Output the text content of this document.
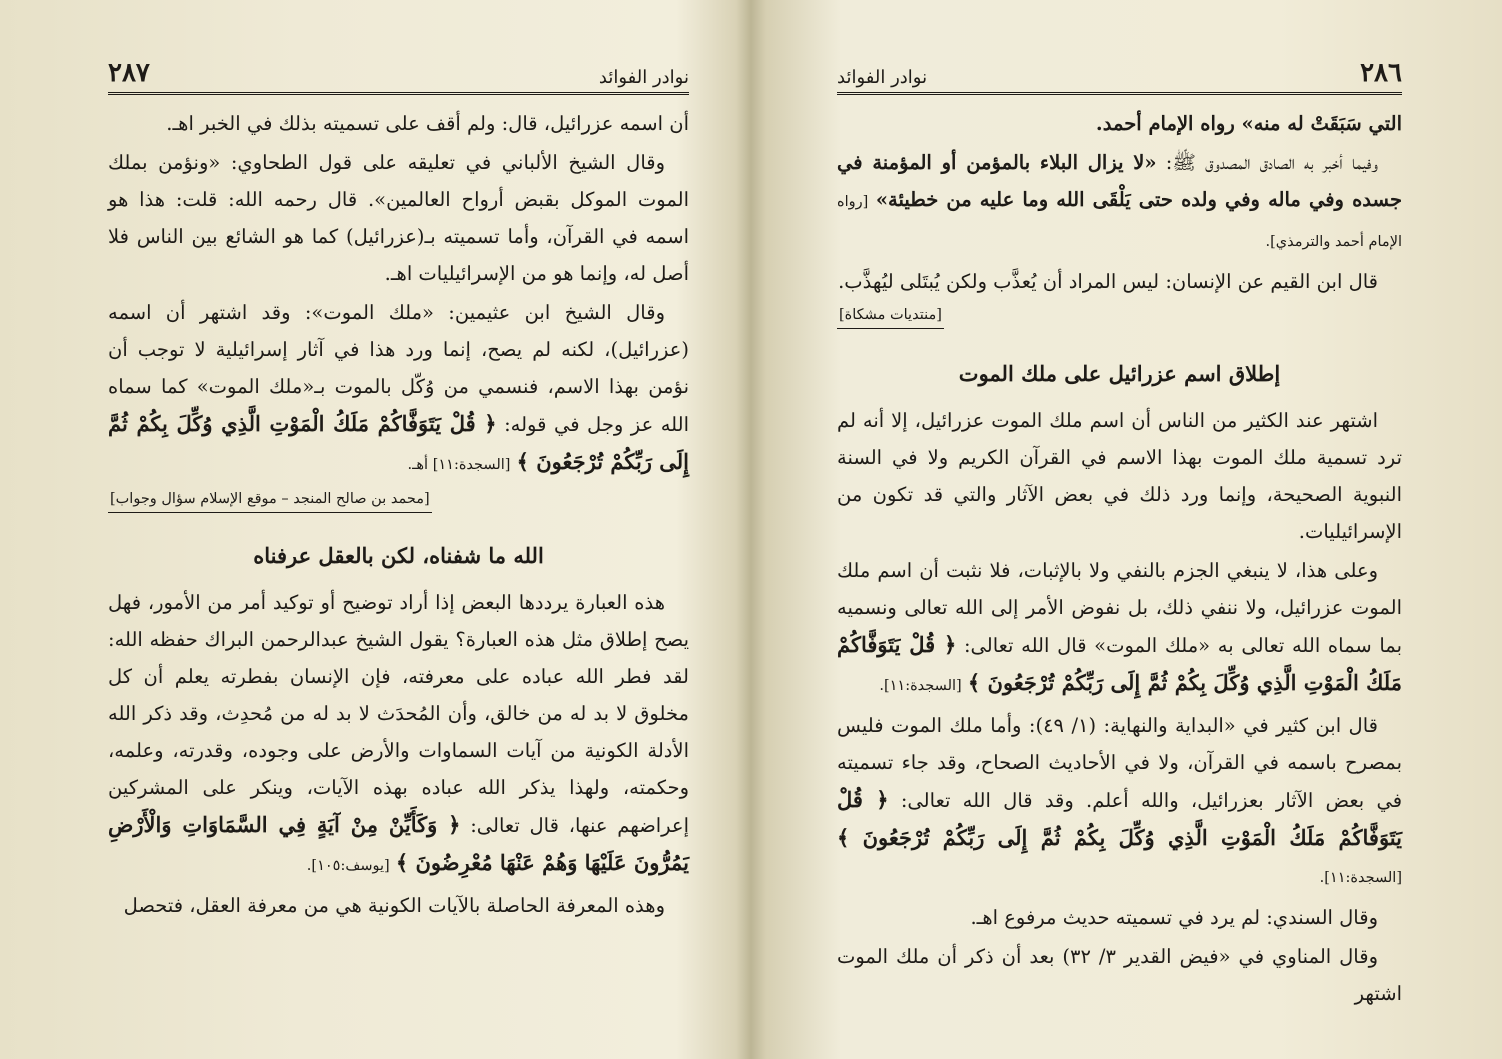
نوادر الفوائد
٢٨٧

أن اسمه عزرائيل، قال: ولم أقف على تسميته بذلك في الخبر اهـ.

وقال الشيخ الألباني في تعليقه على قول الطحاوي: «ونؤمن بملك الموت الموكل بقبض أرواح العالمين». قال رحمه الله: قلت: هذا هو اسمه في القرآن، وأما تسميته بـ(عزرائيل) كما هو الشائع بين الناس فلا أصل له، وإنما هو من الإسرائيليات اهـ.

وقال الشيخ ابن عثيمين: «ملك الموت»: وقد اشتهر أن اسمه (عزرائيل)، لكنه لم يصح، إنما ورد هذا في آثار إسرائيلية لا توجب أن نؤمن بهذا الاسم، فنسمي من وُكّل بالموت بـ«ملك الموت» كما سماه الله عز وجل في قوله: ﴿ قُلْ يَتَوَفَّاكُمْ مَلَكُ الْمَوْتِ الَّذِي وُكِّلَ بِكُمْ ثُمَّ إِلَى رَبِّكُمْ تُرْجَعُونَ ﴾ [السجدة:١١] أهـ.

[محمد بن صالح المنجد – موقع الإسلام سؤال وجواب]
الله ما شفناه، لكن بالعقل عرفناه

هذه العبارة يرددها البعض إذا أراد توضيح أو توكيد أمر من الأمور، فهل يصح إطلاق مثل هذه العبارة؟ يقول الشيخ عبدالرحمن البراك حفظه الله: لقد فطر الله عباده على معرفته، فإن الإنسان بفطرته يعلم أن كل مخلوق لا بد له من خالق، وأن المُحدَث لا بد له من مُحدِث، وقد ذكر الله الأدلة الكونية من آيات السماوات والأرض على وجوده، وقدرته، وعلمه، وحكمته، ولهذا يذكر الله عباده بهذه الآيات، وينكر على المشركين إعراضهم عنها، قال تعالى: ﴿ وَكَأَيِّنْ مِنْ آيَةٍ فِي السَّمَاوَاتِ وَالْأَرْضِ يَمُرُّونَ عَلَيْهَا وَهُمْ عَنْهَا مُعْرِضُونَ ﴾ [يوسف:١٠٥].

وهذه المعرفة الحاصلة بالآيات الكونية هي من معرفة العقل، فتحصل

٢٨٦
نوادر الفوائد

التي سَبَقَتْ له منه» رواه الإمام أحمد.

وفيما أخبر به الصادق المصدوق ﷺ: «لا يزال البلاء بالمؤمن أو المؤمنة في جسده وفي ماله وفي ولده حتى يَلْقَى الله وما عليه من خطيئة» [رواه الإمام أحمد والترمذي].

قال ابن القيم عن الإنسان: ليس المراد أن يُعذَّب ولكن يُبتَلى ليُهذَّب.

[منتديات مشكاة]
إطلاق اسم عزرائيل على ملك الموت

اشتهر عند الكثير من الناس أن اسم ملك الموت عزرائيل، إلا أنه لم ترد تسمية ملك الموت بهذا الاسم في القرآن الكريم ولا في السنة النبوية الصحيحة، وإنما ورد ذلك في بعض الآثار والتي قد تكون من الإسرائيليات.

وعلى هذا، لا ينبغي الجزم بالنفي ولا بالإثبات، فلا نثبت أن اسم ملك الموت عزرائيل، ولا ننفي ذلك، بل نفوض الأمر إلى الله تعالى ونسميه بما سماه الله تعالى به «ملك الموت» قال الله تعالى: ﴿ قُلْ يَتَوَفَّاكُمْ مَلَكُ الْمَوْتِ الَّذِي وُكِّلَ بِكُمْ ثُمَّ إِلَى رَبِّكُمْ تُرْجَعُونَ ﴾ [السجدة:١١].

قال ابن كثير في «البداية والنهاية: (١/ ٤٩): وأما ملك الموت فليس بمصرح باسمه في القرآن، ولا في الأحاديث الصحاح، وقد جاء تسميته في بعض الآثار بعزرائيل، والله أعلم. وقد قال الله تعالى: ﴿ قُلْ يَتَوَفَّاكُمْ مَلَكُ الْمَوْتِ الَّذِي وُكِّلَ بِكُمْ ثُمَّ إِلَى رَبِّكُمْ تُرْجَعُونَ ﴾ [السجدة:١١].

وقال السندي: لم يرد في تسميته حديث مرفوع اهـ.

وقال المناوي في «فيض القدير ٣/ ٣٢) بعد أن ذكر أن ملك الموت اشتهر
